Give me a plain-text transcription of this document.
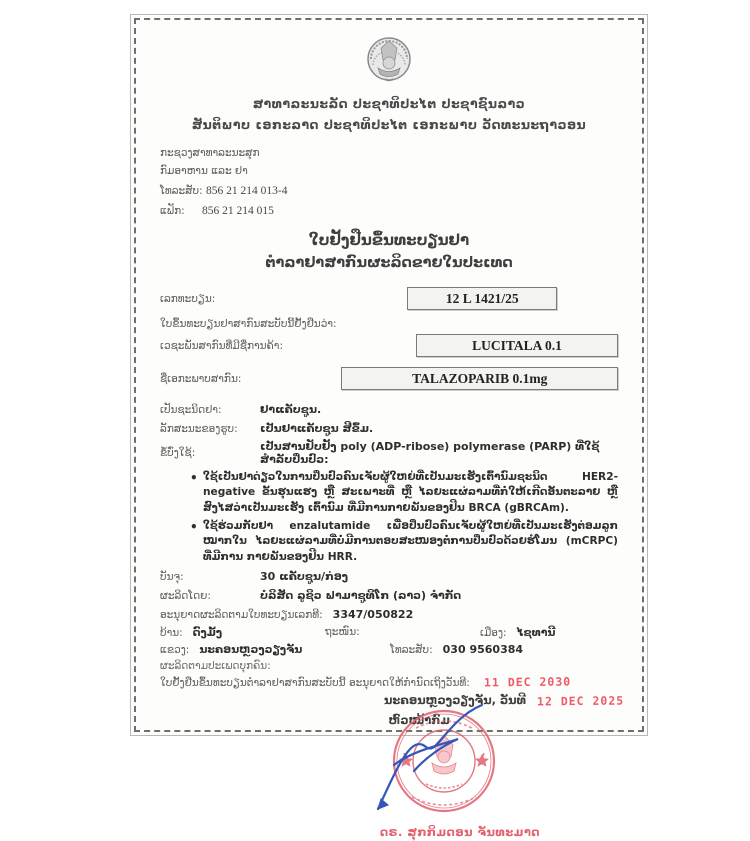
ສາທາລະນະລັດ ປະຊາທິປະໄຕ ປະຊາຊົນລາວ
ສັນຕິພາບ ເອກະລາດ ປະຊາທິປະໄຕ ເອກະພາບ ວັດທະນະຖາວອນ
ກະຊວງສາທາລະນະສຸກ
ກົມອາຫານ ແລະ ຢາ
ໂທລະສັບ: 856 21 214 013-4
ແຟັກ: 856 21 214 015
ໃບຢັ້ງຢືນຂຶ້ນທະບຽນຢາ
ຕຳລາຢາສາກົນຜະລິດຂາຍໃນປະເທດ
ເລກທະບຽນ:	12 L 1421/25
ໃບຂຶ້ນທະບຽນຢາສາກົນສະບັບນີ້ຢັ້ງຢືນວ່າ:
ເວຊະພັນສາກົນທີ່ມີຊື່ການຄ້າ:	LUCITALA 0.1
ຊື່ເອກະພາບສາກົນ:	TALAZOPARIB 0.1mg
ເປັນຊະນິດຢາ:	ຢາແຄັບຊູນ.
ລັກສະນະຂອງຮູບ:	ເປັນຢາແຄັບຊູນ ສີຂົ້ມ.
ຂໍ້ບົ່ງໃຊ້:	ເປັນສານຢັບຢັ້ງ poly (ADP-ribose) polymerase (PARP) ທີ່ໃຊ້ສຳລັບປິ່ນປົວ:
• ໃຊ້ເປັນຢາດ່ຽວໃນການປິ່ນປົວຄົນເຈັບຜູ້ໃຫຍ່ທີ່ເປັນມະເຮັງເຕົ້ານົມຊະນິດ HER2-negative ຂັ້ນຮຸນແຮງ ຫຼື ສະເພາະທີ່ ຫຼື ໄລຍະແຜ່ລາມທີ່ກໍ່ໃຫ້ເກີດອັນຕະລາຍ ຫຼື ສົງໄສວ່າເປັນມະເຮັງ ເຕົ້ານົມ ທີ່ມີການກາຍພັນຂອງຢີນ BRCA (gBRCAm).
• ໃຊ້ຮ່ວມກັບຢາ enzalutamide ເພື່ອປິ່ນປົວຄົນເຈັບຜູ້ໃຫຍ່ທີ່ເປັນມະເຮັງຕ່ອມລູກໝາກໃນ ໄລຍະແຜ່ລາມທີ່ບໍ່ມີການຕອບສະໜອງຕໍ່ການປິ່ນປົວດ້ວຍຮໍໂມນ (mCRPC) ທີ່ມີການ ກາຍພັນຂອງຢີນ HRR.
ບັນຈຸ:	30 ແຄັບຊູນ/ກ່ອງ
ຜະລິດໂດຍ:	ບໍລິສັດ ລູຊິວ ຟາມາຊູທິໂກ (ລາວ) ຈຳກັດ
ອະນຸຍາດຜະລິດຕາມໃບທະບຽນເລກທີ: 3347/050822
ບ້ານ: ດົງມັ້ງ	ຖະໜົນ:	ເມືອງ: ໄຊທານີ
ແຂວງ: ນະຄອນຫຼວງວຽງຈັນ	ໂທລະສັບ: 030 9560384
ຜະລິດຕາມປະເພດບຸກຄົນ:
ໃບຢັ້ງຢືນຂຶ້ນທະບຽນຕຳລາຢາສາກົນສະບັບນີ້ ອະນຸຍາດໃຫ້ກຳນົດເຖິງວັນທີ: 11 DEC 2030
ນະຄອນຫຼວງວຽງຈັນ, ວັນທີ 12 DEC 2025
ຫົວໜ້າກົມ
ດຣ. ສຸກກິມດອນ ຈັນທະມາດ
